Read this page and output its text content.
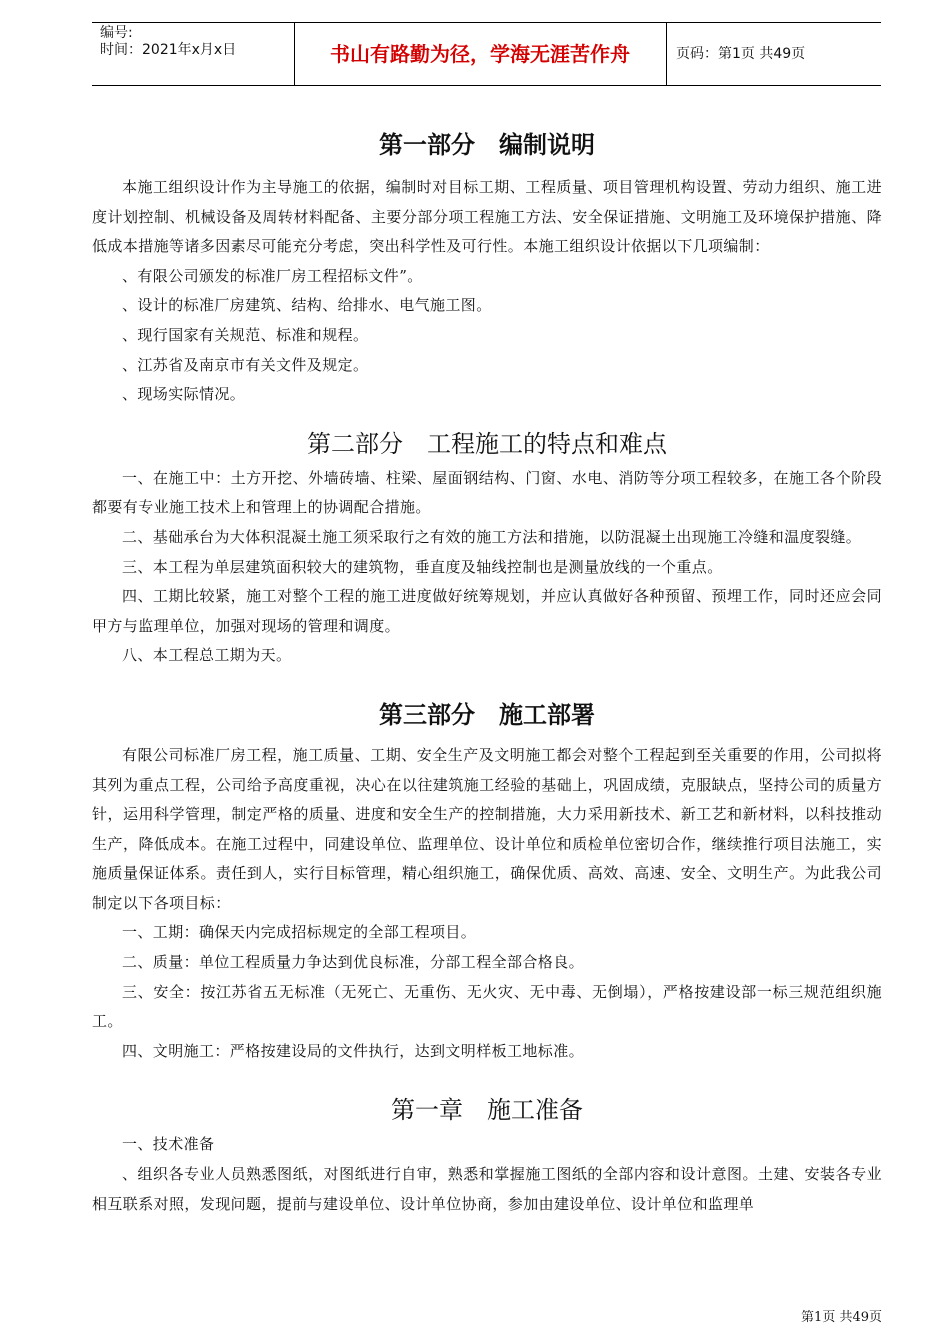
编号:
时间：2021年x月x日	书山有路勤为径，学海无涯苦作舟	页码：第1页 共49页
第一部分　编制说明

本施工组织设计作为主导施工的依据，编制时对目标工期、工程质量、项目管理机构设置、劳动力组织、施工进度计划控制、机械设备及周转材料配备、主要分部分项工程施工方法、安全保证措施、文明施工及环境保护措施、降低成本措施等诸多因素尽可能充分考虑，突出科学性及可行性。本施工组织设计依据以下几项编制：

、有限公司颁发的标准厂房工程招标文件”。

、设计的标准厂房建筑、结构、给排水、电气施工图。

、现行国家有关规范、标准和规程。

、江苏省及南京市有关文件及规定。

、现场实际情况。

第二部分　工程施工的特点和难点

一、在施工中：土方开挖、外墙砖墙、柱梁、屋面钢结构、门窗、水电、消防等分项工程较多，在施工各个阶段都要有专业施工技术上和管理上的协调配合措施。

二、基础承台为大体积混凝土施工须采取行之有效的施工方法和措施，以防混凝土出现施工冷缝和温度裂缝。

三、本工程为单层建筑面积较大的建筑物，垂直度及轴线控制也是测量放线的一个重点。

四、工期比较紧，施工对整个工程的施工进度做好统筹规划，并应认真做好各种预留、预埋工作，同时还应会同甲方与监理单位，加强对现场的管理和调度。

八、本工程总工期为天。

第三部分　施工部署

有限公司标准厂房工程，施工质量、工期、安全生产及文明施工都会对整个工程起到至关重要的作用，公司拟将其列为重点工程，公司给予高度重视，决心在以往建筑施工经验的基础上，巩固成绩，克服缺点，坚持公司的质量方针，运用科学管理，制定严格的质量、进度和安全生产的控制措施，大力采用新技术、新工艺和新材料，以科技推动生产，降低成本。在施工过程中，同建设单位、监理单位、设计单位和质检单位密切合作，继续推行项目法施工，实施质量保证体系。责任到人，实行目标管理，精心组织施工，确保优质、高效、高速、安全、文明生产。为此我公司制定以下各项目标：

一、工期：确保天内完成招标规定的全部工程项目。

二、质量：单位工程质量力争达到优良标准，分部工程全部合格良。

三、安全：按江苏省五无标准（无死亡、无重伤、无火灾、无中毒、无倒塌），严格按建设部一标三规范组织施工。

四、文明施工：严格按建设局的文件执行，达到文明样板工地标准。

第一章　施工准备

一、技术准备

、组织各专业人员熟悉图纸，对图纸进行自审，熟悉和掌握施工图纸的全部内容和设计意图。土建、安装各专业相互联系对照，发现问题，提前与建设单位、设计单位协商，参加由建设单位、设计单位和监理单

第1页 共49页
